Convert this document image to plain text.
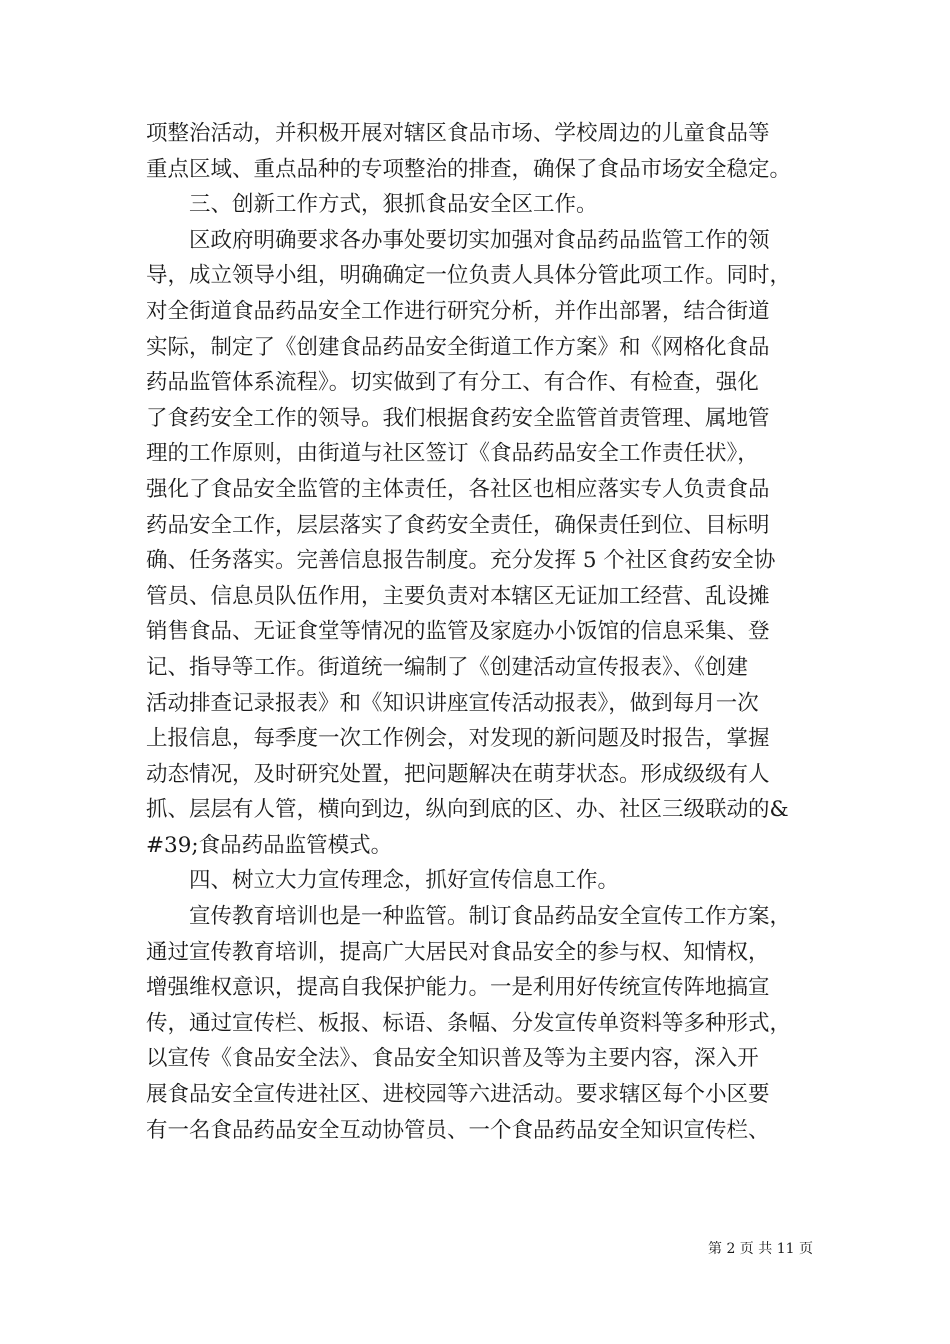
项整治活动，并积极开展对辖区食品市场、学校周边的儿童食品等
重点区域、重点品种的专项整治的排查，确保了食品市场安全稳定。
三、创新工作方式，狠抓食品安全区工作。
区政府明确要求各办事处要切实加强对食品药品监管工作的领
导，成立领导小组，明确确定一位负责人具体分管此项工作。同时，
对全街道食品药品安全工作进行研究分析，并作出部署，结合街道
实际，制定了《创建食品药品安全街道工作方案》和《网格化食品
药品监管体系流程》。切实做到了有分工、有合作、有检查，强化
了食药安全工作的领导。我们根据食药安全监管首责管理、属地管
理的工作原则，由街道与社区签订《食品药品安全工作责任状》，
强化了食品安全监管的主体责任，各社区也相应落实专人负责食品
药品安全工作，层层落实了食药安全责任，确保责任到位、目标明
确、任务落实。完善信息报告制度。充分发挥 5 个社区食药安全协
管员、信息员队伍作用，主要负责对本辖区无证加工经营、乱设摊
销售食品、无证食堂等情况的监管及家庭办小饭馆的信息采集、登
记、指导等工作。街道统一编制了《创建活动宣传报表》、《创建
活动排查记录报表》和《知识讲座宣传活动报表》，做到每月一次
上报信息，每季度一次工作例会，对发现的新问题及时报告，掌握
动态情况，及时研究处置，把问题解决在萌芽状态。形成级级有人
抓、层层有人管，横向到边，纵向到底的区、办、社区三级联动的&
#39;食品药品监管模式。
四、树立大力宣传理念，抓好宣传信息工作。
宣传教育培训也是一种监管。制订食品药品安全宣传工作方案，
通过宣传教育培训，提高广大居民对食品安全的参与权、知情权，
增强维权意识，提高自我保护能力。一是利用好传统宣传阵地搞宣
传，通过宣传栏、板报、标语、条幅、分发宣传单资料等多种形式，
以宣传《食品安全法》、食品安全知识普及等为主要内容，深入开
展食品安全宣传进社区、进校园等六进活动。要求辖区每个小区要
有一名食品药品安全互动协管员、一个食品药品安全知识宣传栏、
第 2 页 共 11 页
